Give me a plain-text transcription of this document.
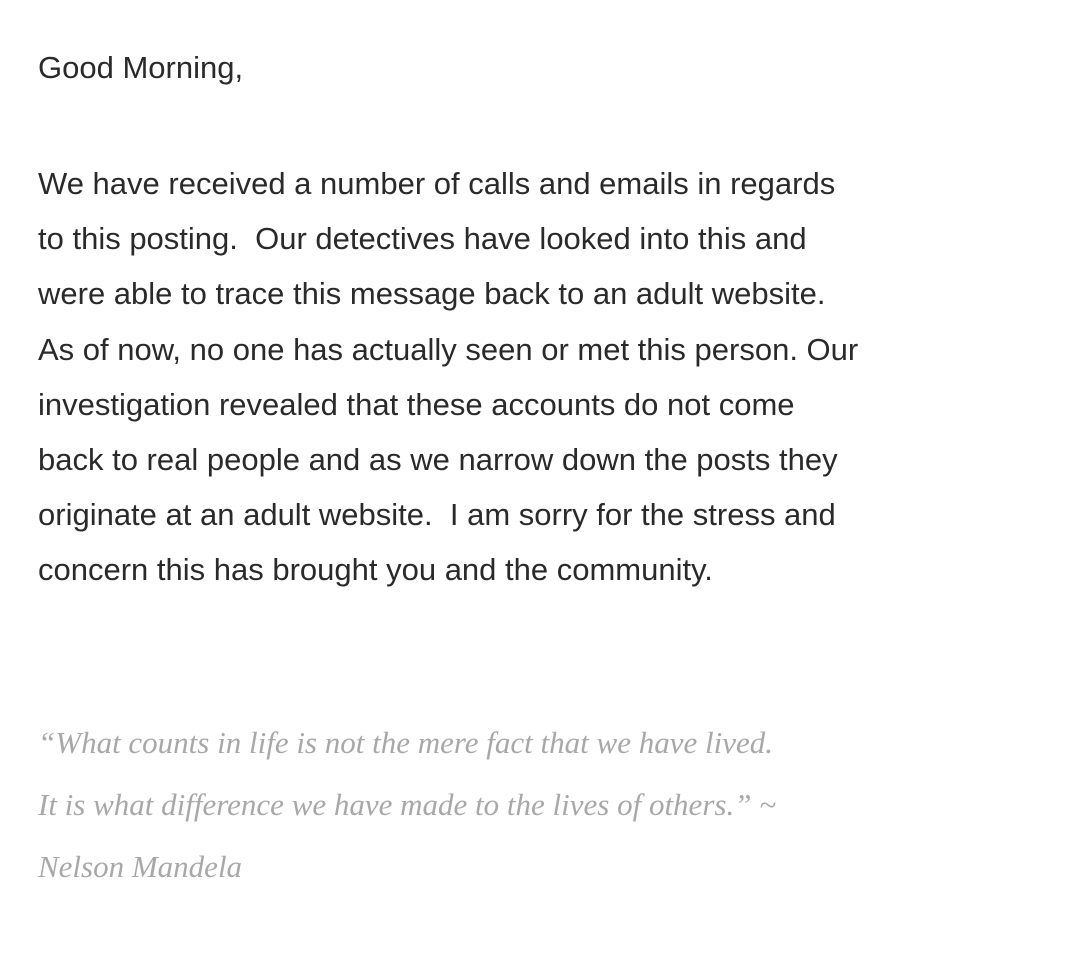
Good Morning,

We have received a number of calls and emails in regards
to this posting.  Our detectives have looked into this and
were able to trace this message back to an adult website.
As of now, no one has actually seen or met this person. Our
investigation revealed that these accounts do not come
back to real people and as we narrow down the posts they
originate at an adult website.  I am sorry for the stress and
concern this has brought you and the community.

“What counts in life is not the mere fact that we have lived.
It is what difference we have made to the lives of others.” ~
Nelson Mandela
